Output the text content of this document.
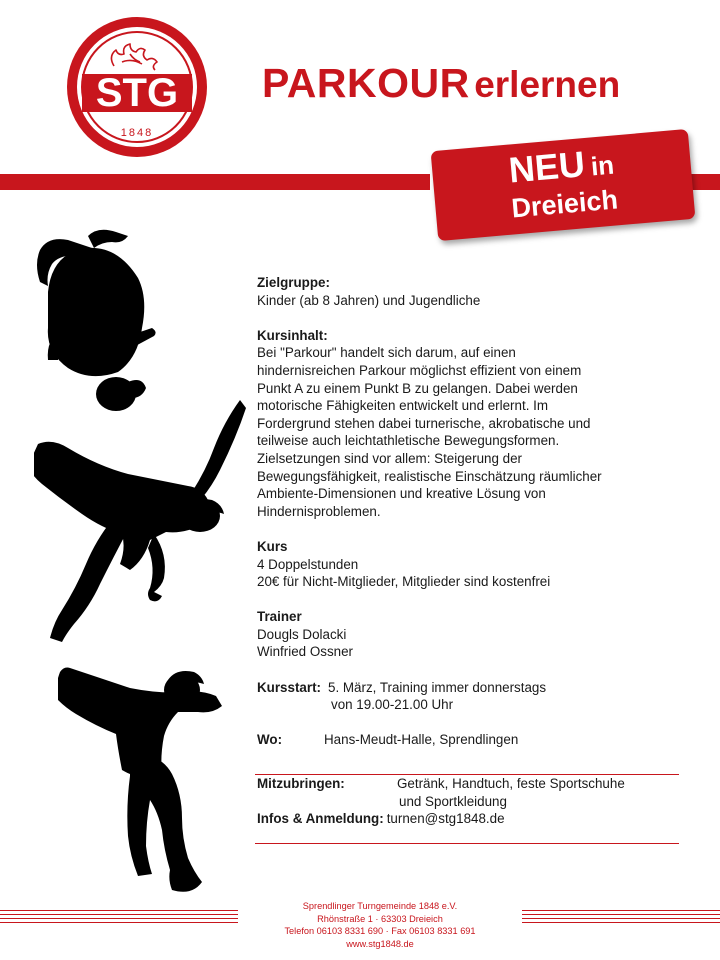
STG
1848
PARKOUR erlernen
NEU in
Dreieich
Zielgruppe:
Kinder (ab 8 Jahren) und Jugendliche
Kursinhalt:
Bei "Parkour" handelt sich darum, auf einen
hindernisreichen Parkour möglichst effizient von einem
Punkt A zu einem Punkt B zu gelangen. Dabei werden
motorische Fähigkeiten entwickelt und erlernt. Im
Fordergrund stehen dabei turnerische, akrobatische und
teilweise auch leichtathletische Bewegungsformen.
Zielsetzungen sind vor allem: Steigerung der
Bewegungsfähigkeit, realistische Einschätzung räumlicher
Ambiente-Dimensionen und kreative Lösung von
Hindernisproblemen.
Kurs
4 Doppelstunden
20€ für Nicht-Mitglieder, Mitglieder sind kostenfrei
Trainer
Dougls Dolacki
Winfried Ossner
Kursstart: 5. März, Training immer donnerstags
von 19.00-21.00 Uhr
Wo:	Hans-Meudt-Halle, Sprendlingen
Mitzubringen:	Getränk, Handtuch, feste Sportschuhe
und Sportkleidung
Infos & Anmeldung: turnen@stg1848.de
Sprendlinger Turngemeinde 1848 e.V.
Rhönstraße 1 · 63303 Dreieich
Telefon 06103 8331 690 · Fax 06103 8331 691
www.stg1848.de
